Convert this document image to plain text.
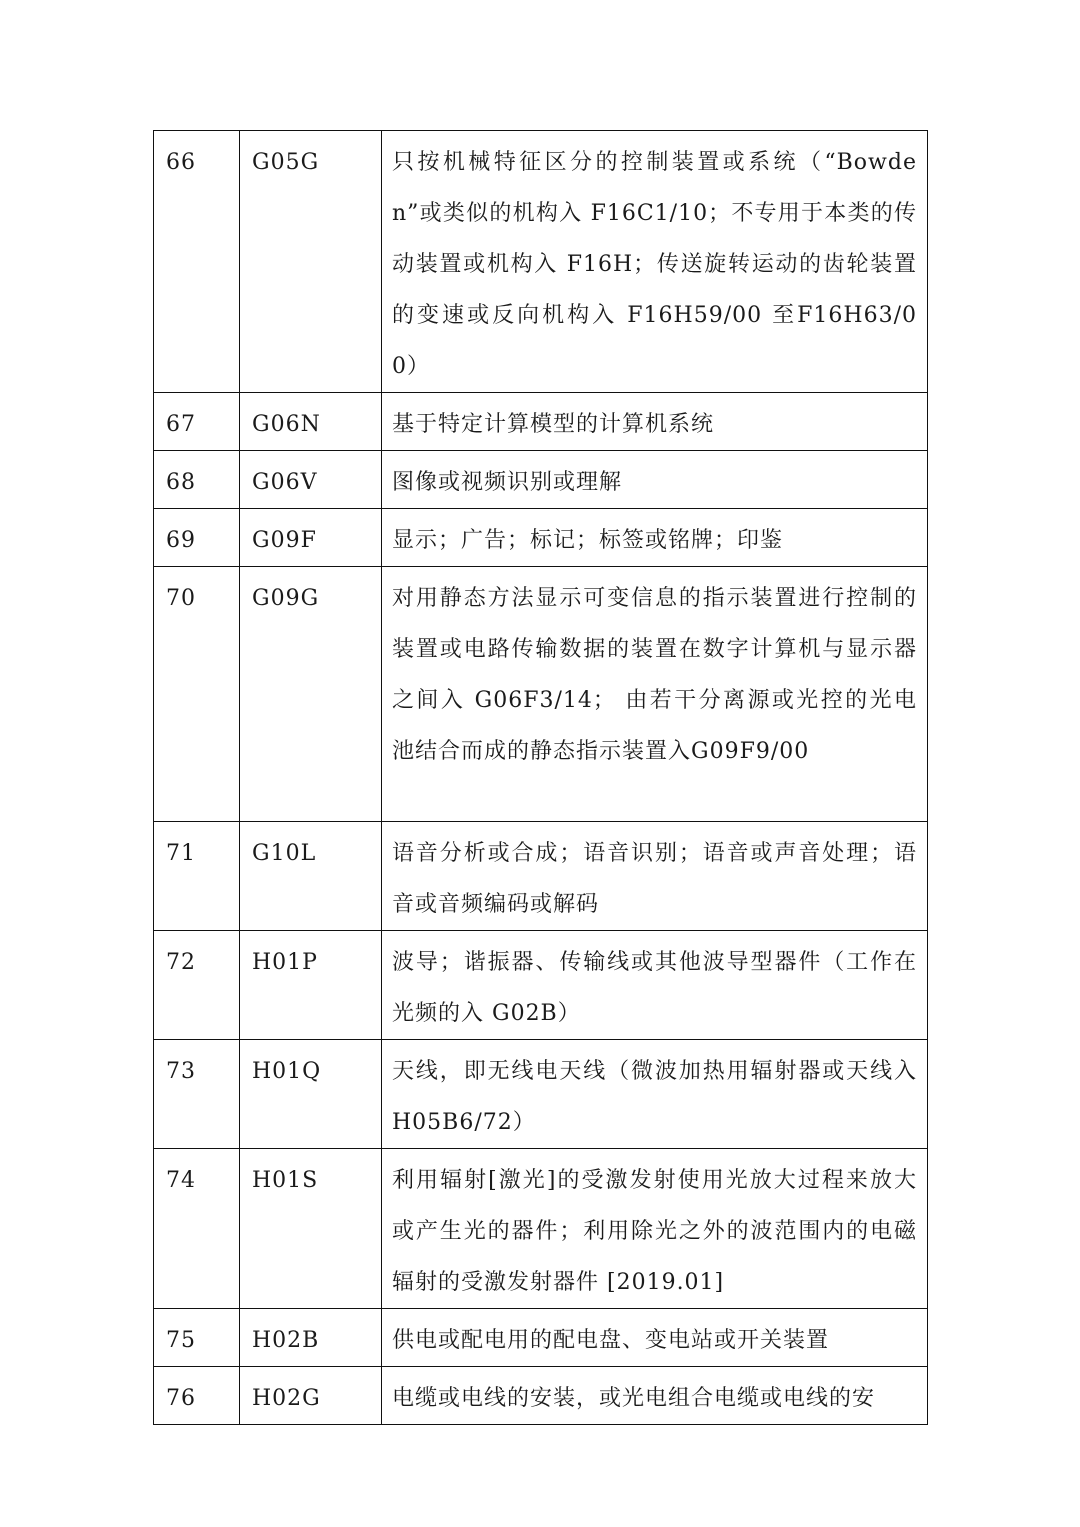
66	G05G	只按机械特征区分的控制装置或系统（“Bowden”或类似的机构入 F16C1/10；不专用于本类的传动装置或机构入 F16H；传送旋转运动的齿轮装置的变速或反向机构入 F16H59/00 至F16H63/00）
67	G06N	基于特定计算模型的计算机系统
68	G06V	图像或视频识别或理解
69	G09F	显示；广告；标记；标签或铭牌；印鉴
70	G09G	对用静态方法显示可变信息的指示装置进行控制的装置或电路传输数据的装置在数字计算机与显示器之间入 G06F3/14； 由若干分离源或光控的光电池结合而成的静态指示装置入G09F9/00
71	G10L	语音分析或合成；语音识别；语音或声音处理；语音或音频编码或解码
72	H01P	波导；谐振器、传输线或其他波导型器件（工作在光频的入 G02B）
73	H01Q	天线，即无线电天线（微波加热用辐射器或天线入 H05B6/72）
74	H01S	利用辐射[激光]的受激发射使用光放大过程来放大或产生光的器件；利用除光之外的波范围内的电磁辐射的受激发射器件 [2019.01]
75	H02B	供电或配电用的配电盘、变电站或开关装置
76	H02G	电缆或电线的安装，或光电组合电缆或电线的安
